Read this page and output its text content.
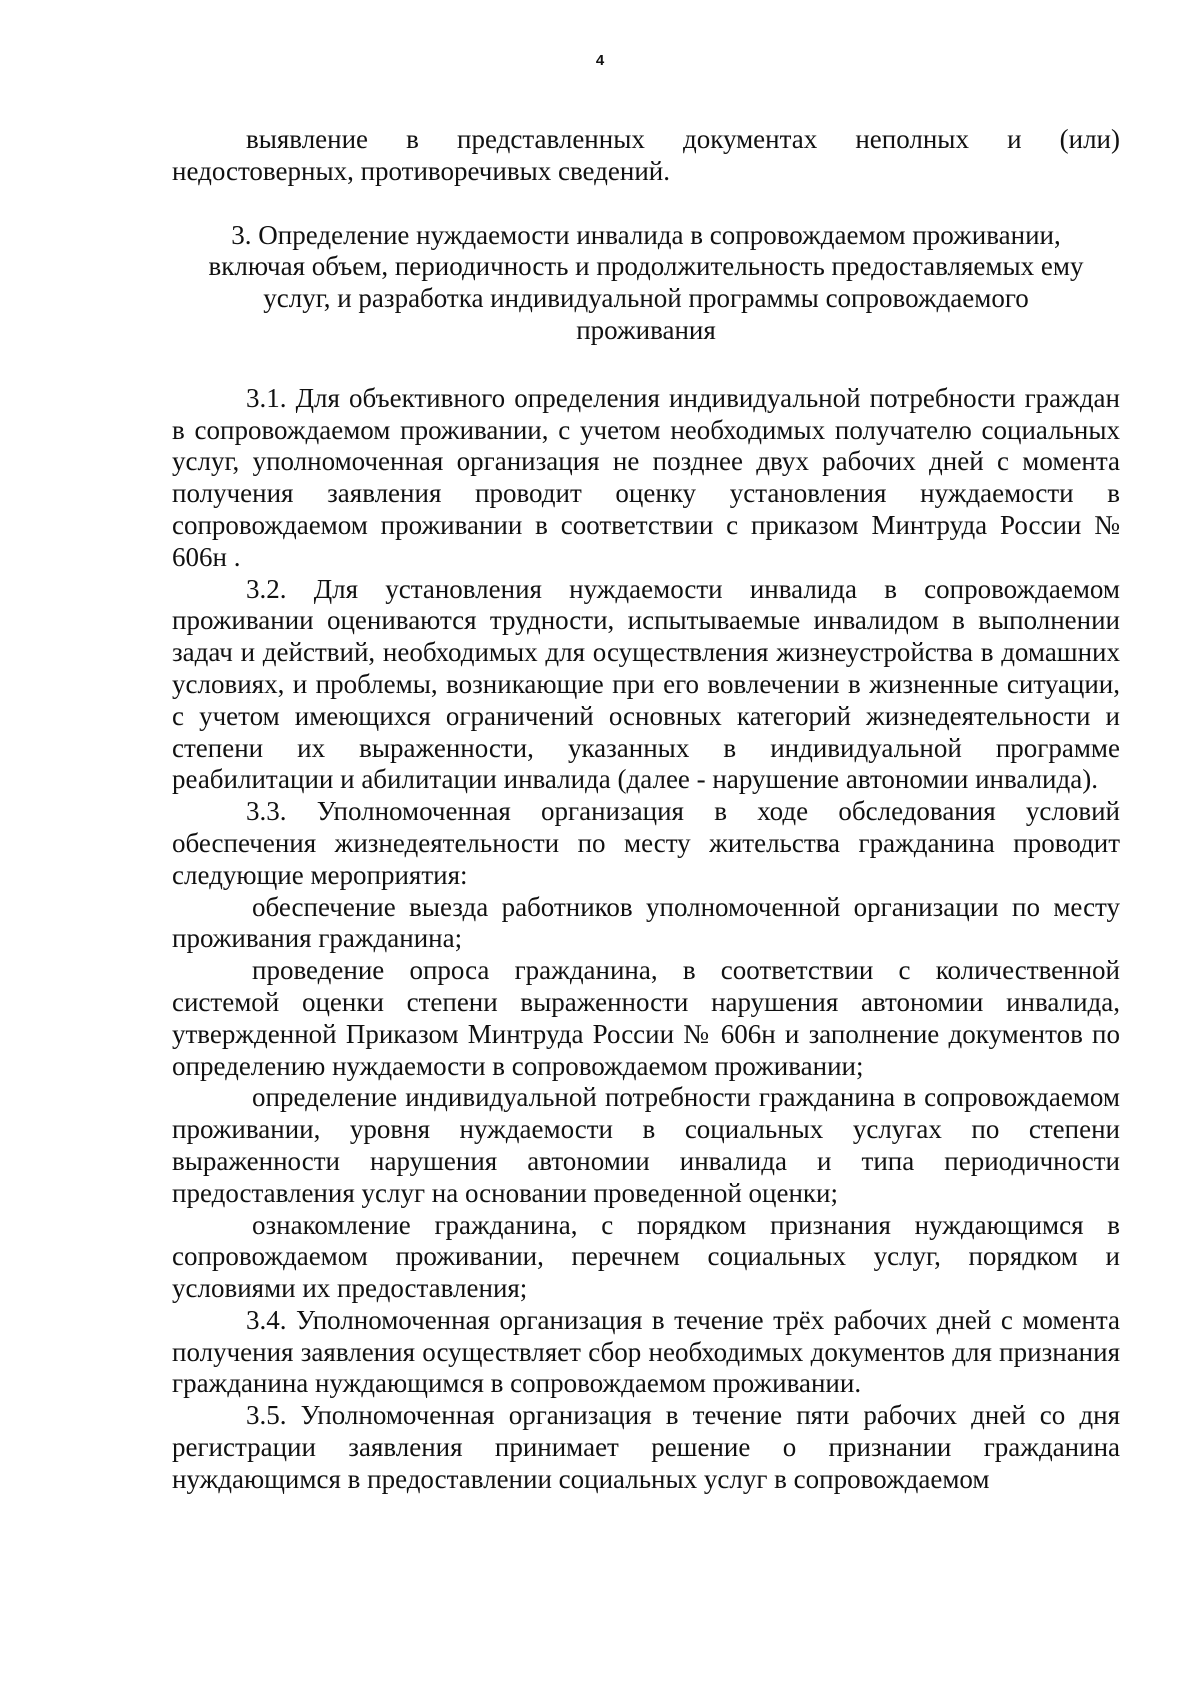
4

выявление в представленных документах неполных и (или) недостоверных, противоречивых сведений.

3. Определение нуждаемости инвалида в сопровождаемом проживании, включая объем, периодичность и продолжительность предоставляемых ему услуг, и разработка индивидуальной программы сопровождаемого проживания

3.1. Для объективного определения индивидуальной потребности граждан в сопровождаемом проживании, с учетом необходимых получателю социальных услуг, уполномоченная организация не позднее двух рабочих дней с момента получения заявления проводит оценку установления нуждаемости в сопровождаемом проживании в соответствии с приказом Минтруда России № 606н .

3.2. Для установления нуждаемости инвалида в сопровождаемом проживании оцениваются трудности, испытываемые инвалидом в выполнении задач и действий, необходимых для осуществления жизнеустройства в домашних условиях, и проблемы, возникающие при его вовлечении в жизненные ситуации, с учетом имеющихся ограничений основных категорий жизнедеятельности и степени их выраженности, указанных в индивидуальной программе реабилитации и абилитации инвалида (далее - нарушение автономии инвалида).

3.3. Уполномоченная организация в ходе обследования условий обеспечения жизнедеятельности по месту жительства гражданина проводит следующие мероприятия:

обеспечение выезда работников уполномоченной организации по месту проживания гражданина;

проведение опроса гражданина, в соответствии с количественной системой оценки степени выраженности нарушения автономии инвалида, утвержденной Приказом Минтруда России № 606н и заполнение документов по определению нуждаемости в сопровождаемом проживании;

определение индивидуальной потребности гражданина в сопровождаемом проживании, уровня нуждаемости в социальных услугах по степени выраженности нарушения автономии инвалида и типа периодичности предоставления услуг на основании проведенной оценки;

ознакомление гражданина, с порядком признания нуждающимся в сопровождаемом проживании, перечнем социальных услуг, порядком и условиями их предоставления;

3.4. Уполномоченная организация в течение трёх рабочих дней с момента получения заявления осуществляет сбор необходимых документов для признания гражданина нуждающимся в сопровождаемом проживании.

3.5. Уполномоченная организация в течение пяти рабочих дней со дня регистрации заявления принимает решение о признании гражданина нуждающимся в предоставлении социальных услуг в сопровождаемом
